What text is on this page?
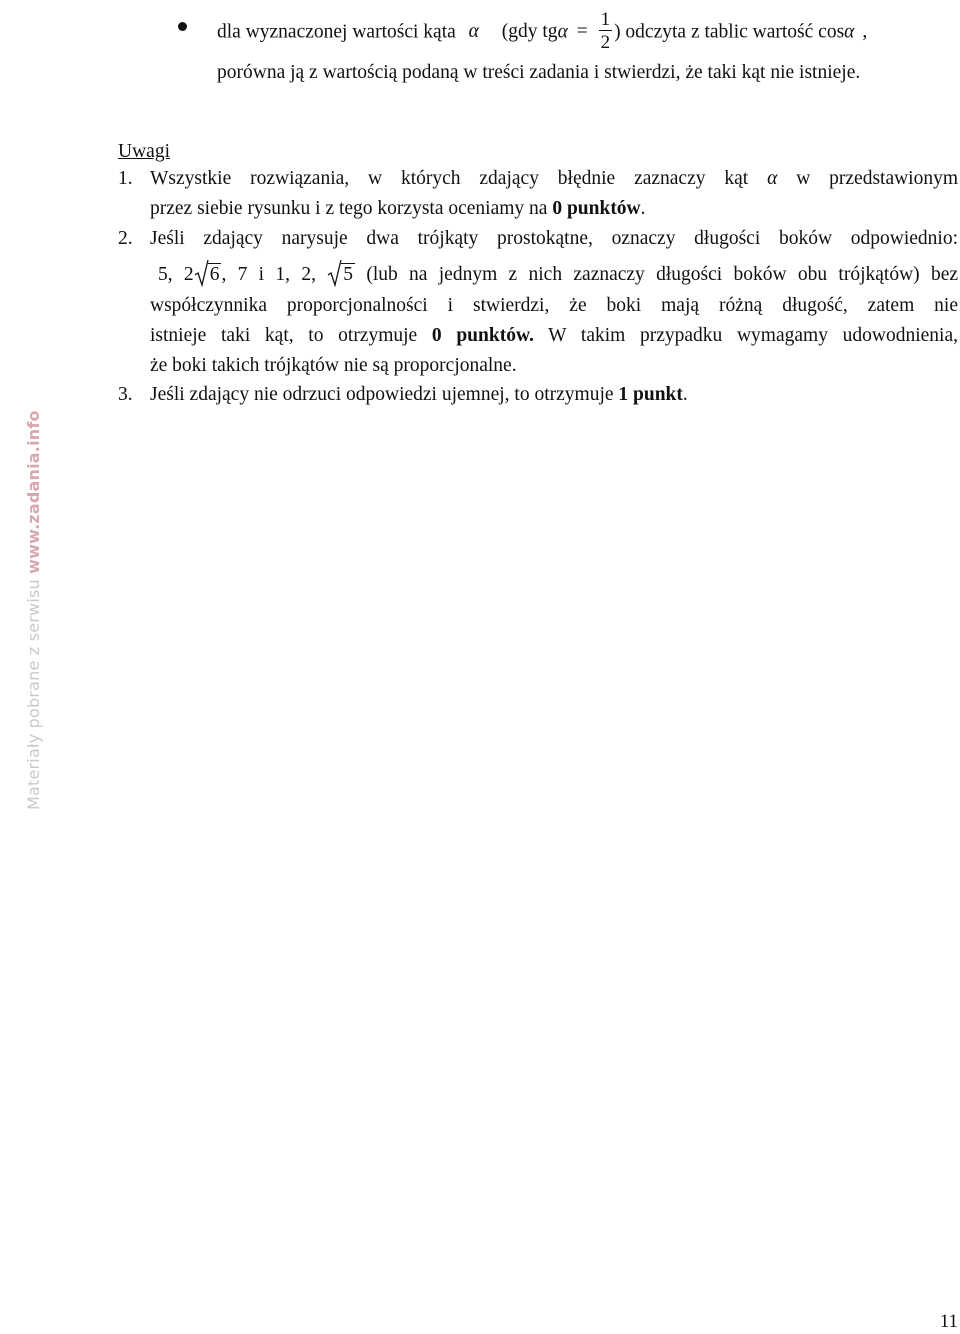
dla wyznaczonej wartości kąta α (gdy $tg\alpha = \frac{1}{2}$ ) odczyta z tablic wartość cosα ,
porówna ją z wartością podaną w treści zadania i stwierdzi, że taki kąt nie istnieje.
Uwagi
1. Wszystkie rozwiązania, w których zdający błędnie zaznaczy kąt α w przedstawionym
przez siebie rysunku i z tego korzysta oceniamy na 0 punktów.
2. Jeśli zdający narysuje dwa trójkąty prostokątne, oznaczy długości boków odpowiednio:
5, 2 6 , 7 i 1, 2, 5 (lub na jednym z nich zaznaczy długości boków obu trójkątów) bez
współczynnika proporcjonalności i stwierdzi, że boki mają różną długość, zatem nie
istnieje taki kąt, to otrzymuje 0 punktów. W takim przypadku wymagamy udowodnienia,
że boki takich trójkątów nie są proporcjonalne.
3. Jeśli zdający nie odrzuci odpowiedzi ujemnej, to otrzymuje 1 punkt.
Materiały pobrane z serwisu www.zadania.info
11
